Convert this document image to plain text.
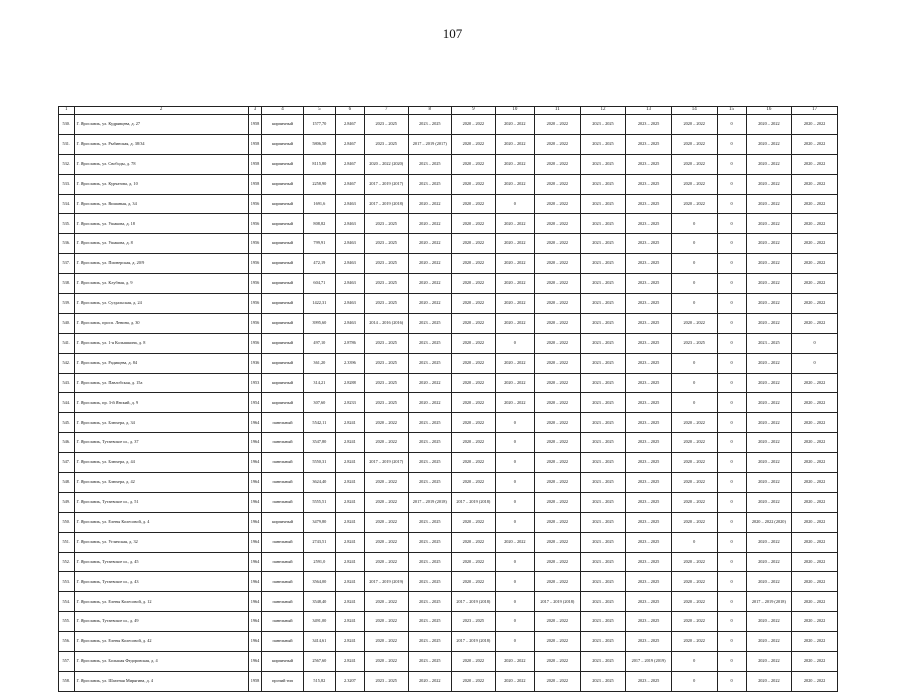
107
1	2	3	4	5	6	7	8	9	10	11	12	13	14	15	16	17
530.	Г. Ярославль, ул. Кудрявцева, д. 27	1958	кирпичный	1577,70	2.8467	2023 – 2025	2023 – 2025	2020 – 2022	2020 – 2022	2020 – 2022	2023 – 2025	2023 – 2025	2020 – 2022	0	2020 – 2022	2020 – 2022
531.	Г. Ярославль, ул. Рыбинская, д. 38/34	1958	кирпичный	5806,50	2.8467	2023 – 2025	2017 – 2019 (2017)	2020 – 2022	2020 – 2022	2020 – 2022	2023 – 2025	2023 – 2025	2020 – 2022	0	2020 – 2022	2020 – 2022
532.	Г. Ярославль, ул. Свободы, д. 78	1958	кирпичный	8115,80	2.8467	2020 – 2022 (2020)	2023 – 2025	2020 – 2022	2020 – 2022	2020 – 2022	2023 – 2025	2023 – 2025	2020 – 2022	0	2020 – 2022	2020 – 2022
533.	Г. Ярославль, ул. Курчатова, д. 10	1958	кирпичный	2258,90	2.8467	2017 – 2019 (2017)	2023 – 2025	2020 – 2022	2020 – 2022	2020 – 2022	2023 – 2025	2023 – 2025	2020 – 2022	0	2020 – 2022	2020 – 2022
534.	Г. Ярославль, ул. Вишаныя, д. 34	1956	кирпичный	1691,6	2.8463	2017 – 2019 (2018)	2020 – 2022	2020 – 2022	0	2020 – 2022	2023 – 2025	2023 – 2025	2020 – 2022	0	2020 – 2022	2020 – 2022
535.	Г. Ярославль, ул. Ушакова, д. 18	1956	кирпичный	808,82	2.8463	2023 – 2025	2020 – 2022	2020 – 2022	2020 – 2022	2020 – 2022	2023 – 2025	2023 – 2025	0	0	2020 – 2022	2020 – 2022
536.	Г. Ярославль, ул. Ушакова, д. 8	1956	кирпичный	799,91	2.8463	2023 – 2025	2020 – 2022	2020 – 2022	2020 – 2022	2020 – 2022	2023 – 2025	2023 – 2025	0	0	2020 – 2022	2020 – 2022
537.	Г. Ярославль, ул. Пионерская, д. 20/9	1956	кирпичный	472,19	2.8463	2023 – 2025	2020 – 2022	2020 – 2022	2020 – 2022	2020 – 2022	2023 – 2025	2023 – 2025	0	0	2020 – 2022	2020 – 2022
538.	Г. Ярославль, ул. Клубная, д. 9	1956	кирпичный	604,71	2.8463	2023 – 2025	2020 – 2022	2020 – 2022	2020 – 2022	2020 – 2022	2023 – 2025	2023 – 2025	0	0	2020 – 2022	2020 – 2022
539.	Г. Ярославль, ул. Суздальская, д. 24	1956	кирпичный	1422,31	2.8463	2023 – 2025	2020 – 2022	2020 – 2022	2020 – 2022	2020 – 2022	2023 – 2025	2023 – 2025	0	0	2020 – 2022	2020 – 2022
540.	Г. Ярославль, просп. Ленина, д. 30	1956	кирпичный	3995,60	2.8463	2014 – 2016 (2016)	2023 – 2025	2020 – 2022	2020 – 2022	2020 – 2022	2023 – 2025	2023 – 2025	2020 – 2022	0	2020 – 2022	2020 – 2022
541.	Г. Ярославль, ул. 1-я Колышкина, д. 8	1956	кирпичный	497,10	2.8786	2023 – 2025	2023 – 2025	2020 – 2022	0	2020 – 2022	2023 – 2025	2023 – 2025	2023 – 2025	0	2023 – 2025	0
542.	Г. Ярославль, ул. Радищева, д. 84	1936	кирпичный	361,20	2.3396	2023 – 2025	2023 – 2025	2020 – 2022	2020 – 2022	2020 – 2022	2023 – 2025	2023 – 2025	0	0	2020 – 2022	0
543.	Г. Ярославль, ул. Павлобская, д. 15а	1953	кирпичный	314,21	2.8288	2023 – 2025	2020 – 2022	2020 – 2022	2020 – 2022	2020 – 2022	2023 – 2025	2023 – 2025	0	0	2020 – 2022	2020 – 2022
544.	Г. Ярославль, пр. 3-й Янский, д. 9	1954	кирпичный	307,60	2.8233	2023 – 2025	2020 – 2022	2020 – 2022	2020 – 2022	2020 – 2022	2023 – 2025	2023 – 2025	0	0	2020 – 2022	2020 – 2022
545.	Г. Ярославль, ул. Блюхера, д. 34	1964	панельный	5542,11	2.8241	2020 – 2022	2023 – 2025	2020 – 2022	0	2020 – 2022	2023 – 2025	2023 – 2025	2020 – 2022	0	2020 – 2022	2020 – 2022
546.	Г. Ярославль, Тутаевское ш., д. 37	1964	панельный	3547,80	2.8241	2020 – 2022	2023 – 2025	2020 – 2022	0	2020 – 2022	2023 – 2025	2023 – 2025	2020 – 2022	0	2020 – 2022	2020 – 2022
547.	Г. Ярославль, ул. Блюхера, д. 44	1964	панельный	5550,31	2.8241	2017 – 2019 (2017)	2023 – 2025	2020 – 2022	0	2020 – 2022	2023 – 2025	2023 – 2025	2020 – 2022	0	2020 – 2022	2020 – 2022
548.	Г. Ярославль, ул. Блюхера, д. 42	1964	панельный	3624,40	2.8241	2020 – 2022	2023 – 2025	2020 – 2022	0	2020 – 2022	2023 – 2025	2023 – 2025	2020 – 2022	0	2020 – 2022	2020 – 2022
549.	Г. Ярославль, Тутаевское ш., д. 51	1964	панельный	5555,51	2.8241	2020 – 2022	2017 – 2019 (2018)	2017 – 2019 (2018)	0	2020 – 2022	2023 – 2025	2023 – 2025	2020 – 2022	0	2020 – 2022	2020 – 2022
550.	Г. Ярославль, ул. Елены Колесовой, д. 4	1964	кирпичный	3479,80	2.8241	2020 – 2022	2023 – 2025	2020 – 2022	0	2020 – 2022	2023 – 2025	2023 – 2025	2020 – 2022	0	2020 – 2022 (2020)	2020 – 2022
551.	Г. Ярославль, ул. Угличская, д. 32	1964	панельный	2743,51	2.8241	2020 – 2022	2023 – 2025	2020 – 2022	2020 – 2022	2020 – 2022	2023 – 2025	2023 – 2025	0	0	2020 – 2022	2020 – 2022
552.	Г. Ярославль, Тутаевское ш., д. 45	1964	панельный	2591,0	2.8241	2020 – 2022	2023 – 2025	2020 – 2022	0	2020 – 2022	2023 – 2025	2023 – 2025	2020 – 2022	0	2020 – 2022	2020 – 2022
553.	Г. Ярославль, Тутаевское ш., д. 43	1964	панельный	3564,00	2.8241	2017 – 2019 (2019)	2023 – 2025	2020 – 2022	0	2020 – 2022	2023 – 2025	2023 – 2025	2020 – 2022	0	2020 – 2022	2020 – 2022
554.	Г. Ярославль, ул. Елены Колесовой, д. 12	1964	панельный	3548,40	2.8241	2020 – 2022	2023 – 2025	2017 – 2019 (2018)	0	2017 – 2019 (2018)	2023 – 2025	2023 – 2025	2020 – 2022	0	2017 – 2019 (2018)	2020 – 2022
555.	Г. Ярославль, Тутаевское ш., д. 49	1964	панельный	3491,00	2.8241	2020 – 2022	2023 – 2025	2023 – 2025	0	2020 – 2022	2023 – 2025	2023 – 2025	2020 – 2022	0	2020 – 2022	2020 – 2022
556.	Г. Ярославль, ул. Елены Колесовой, д. 42	1964	панельный	3414,61	2.8241	2020 – 2022	2023 – 2025	2017 – 2019 (2018)	0	2020 – 2022	2023 – 2025	2023 – 2025	2020 – 2022	0	2020 – 2022	2020 – 2022
557.	Г. Ярославль, ул. Большая Федоровская, д. 4	1964	кирпичный	2567,60	2.8241	2020 – 2022	2023 – 2025	2020 – 2022	2020 – 2022	2020 – 2022	2023 – 2025	2017 – 2019 (2019)	0	0	2020 – 2022	2020 – 2022
558.	Г. Ярославль, ул. Шахтная Мирягина, д. 4	1958	прочий тип	515,82	2.3207	2023 – 2025	2020 – 2022	2020 – 2022	2020 – 2022	2020 – 2022	2023 – 2025	2023 – 2025	0	0	2020 – 2022	2020 – 2022
